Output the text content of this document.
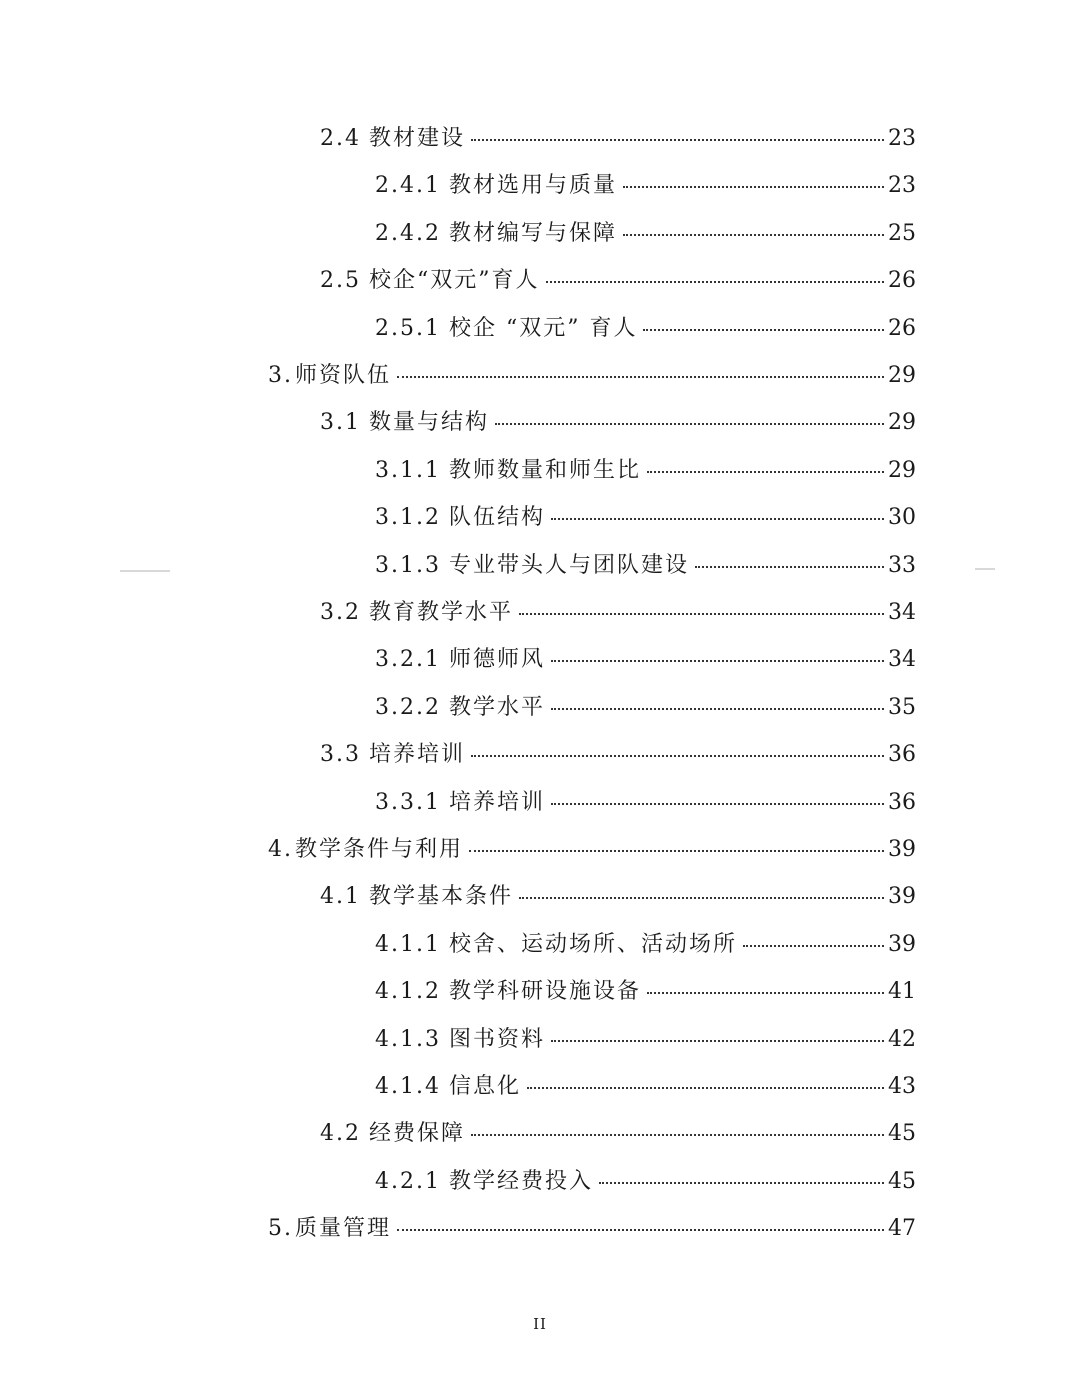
2.4 教材建设	23
2.4.1 教材选用与质量	23
2.4.2 教材编写与保障	25
2.5 校企“双元”育人	26
2.5.1 校企 “双元” 育人	26
3. 师资队伍	29
3.1 数量与结构	29
3.1.1 教师数量和师生比	29
3.1.2 队伍结构	30
3.1.3 专业带头人与团队建设	33
3.2 教育教学水平	34
3.2.1 师德师风	34
3.2.2 教学水平	35
3.3 培养培训	36
3.3.1 培养培训	36
4. 教学条件与利用	39
4.1 教学基本条件	39
4.1.1 校舍、运动场所、活动场所	39
4.1.2 教学科研设施设备	41
4.1.3 图书资料	42
4.1.4 信息化	43
4.2 经费保障	45
4.2.1 教学经费投入	45
5. 质量管理	47
II
